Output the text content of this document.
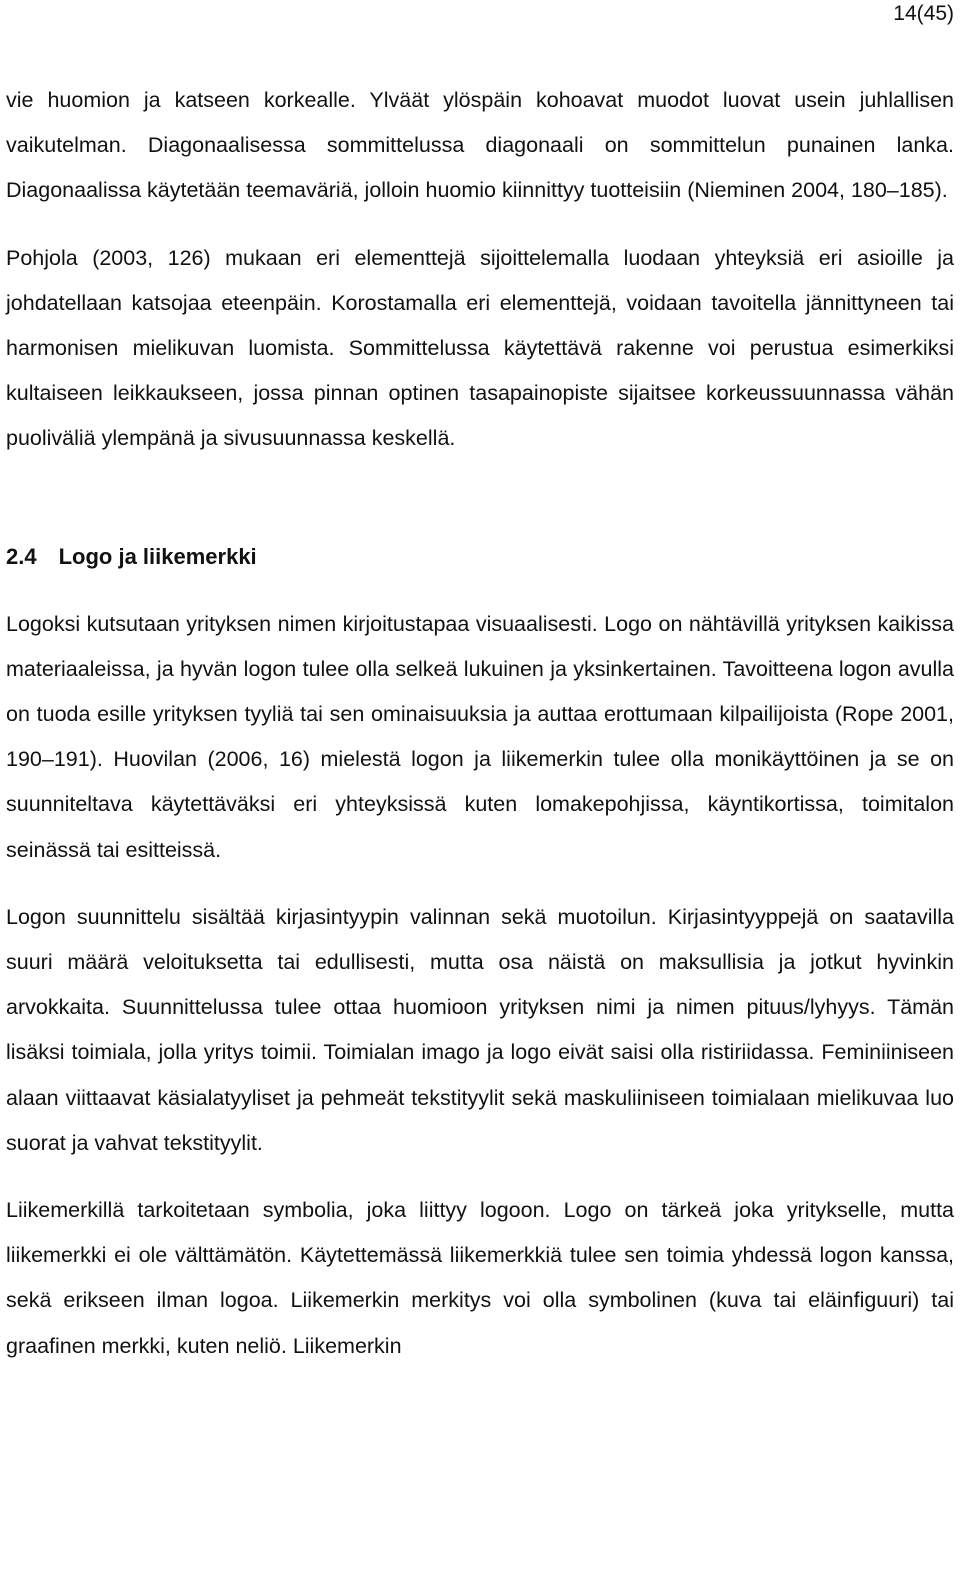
14(45)

vie huomion ja katseen korkealle. Ylväät ylöspäin kohoavat muodot luovat usein juhlallisen vaikutelman. Diagonaalisessa sommittelussa diagonaali on sommittelun punainen lanka. Diagonaalissa käytetään teemaväriä, jolloin huomio kiinnittyy tuotteisiin (Nieminen 2004, 180–185).

Pohjola (2003, 126) mukaan eri elementtejä sijoittelemalla luodaan yhteyksiä eri asioille ja johdatellaan katsojaa eteenpäin. Korostamalla eri elementtejä, voidaan tavoitella jännittyneen tai harmonisen mielikuvan luomista. Sommittelussa käytettävä rakenne voi perustua esimerkiksi kultaiseen leikkaukseen, jossa pinnan optinen tasapainopiste sijaitsee korkeussuunnassa vähän puoliväliä ylempänä ja sivusuunnassa keskellä.

2.4 Logo ja liikemerkki

Logoksi kutsutaan yrityksen nimen kirjoitustapaa visuaalisesti. Logo on nähtävillä yrityksen kaikissa materiaaleissa, ja hyvän logon tulee olla selkeä lukuinen ja yksinkertainen. Tavoitteena logon avulla on tuoda esille yrityksen tyyliä tai sen ominaisuuksia ja auttaa erottumaan kilpailijoista (Rope 2001, 190–191). Huovilan (2006, 16) mielestä logon ja liikemerkin tulee olla monikäyttöinen ja se on suunniteltava käytettäväksi eri yhteyksissä kuten lomakepohjissa, käyntikortissa, toimitalon seinässä tai esitteissä.

Logon suunnittelu sisältää kirjasintyypin valinnan sekä muotoilun. Kirjasintyyppejä on saatavilla suuri määrä veloituksetta tai edullisesti, mutta osa näistä on maksullisia ja jotkut hyvinkin arvokkaita. Suunnittelussa tulee ottaa huomioon yrityksen nimi ja nimen pituus/lyhyys. Tämän lisäksi toimiala, jolla yritys toimii. Toimialan imago ja logo eivät saisi olla ristiriidassa. Feminiiniseen alaan viittaavat käsialatyyliset ja pehmeät tekstityylit sekä maskuliiniseen toimialaan mielikuvaa luo suorat ja vahvat tekstityylit.

Liikemerkillä tarkoitetaan symbolia, joka liittyy logoon. Logo on tärkeä joka yritykselle, mutta liikemerkki ei ole välttämätön. Käytettemässä liikemerkkiä tulee sen toimia yhdessä logon kanssa, sekä erikseen ilman logoa. Liikemerkin merkitys voi olla symbolinen (kuva tai eläinfiguuri) tai graafinen merkki, kuten neliö. Liikemerkin
